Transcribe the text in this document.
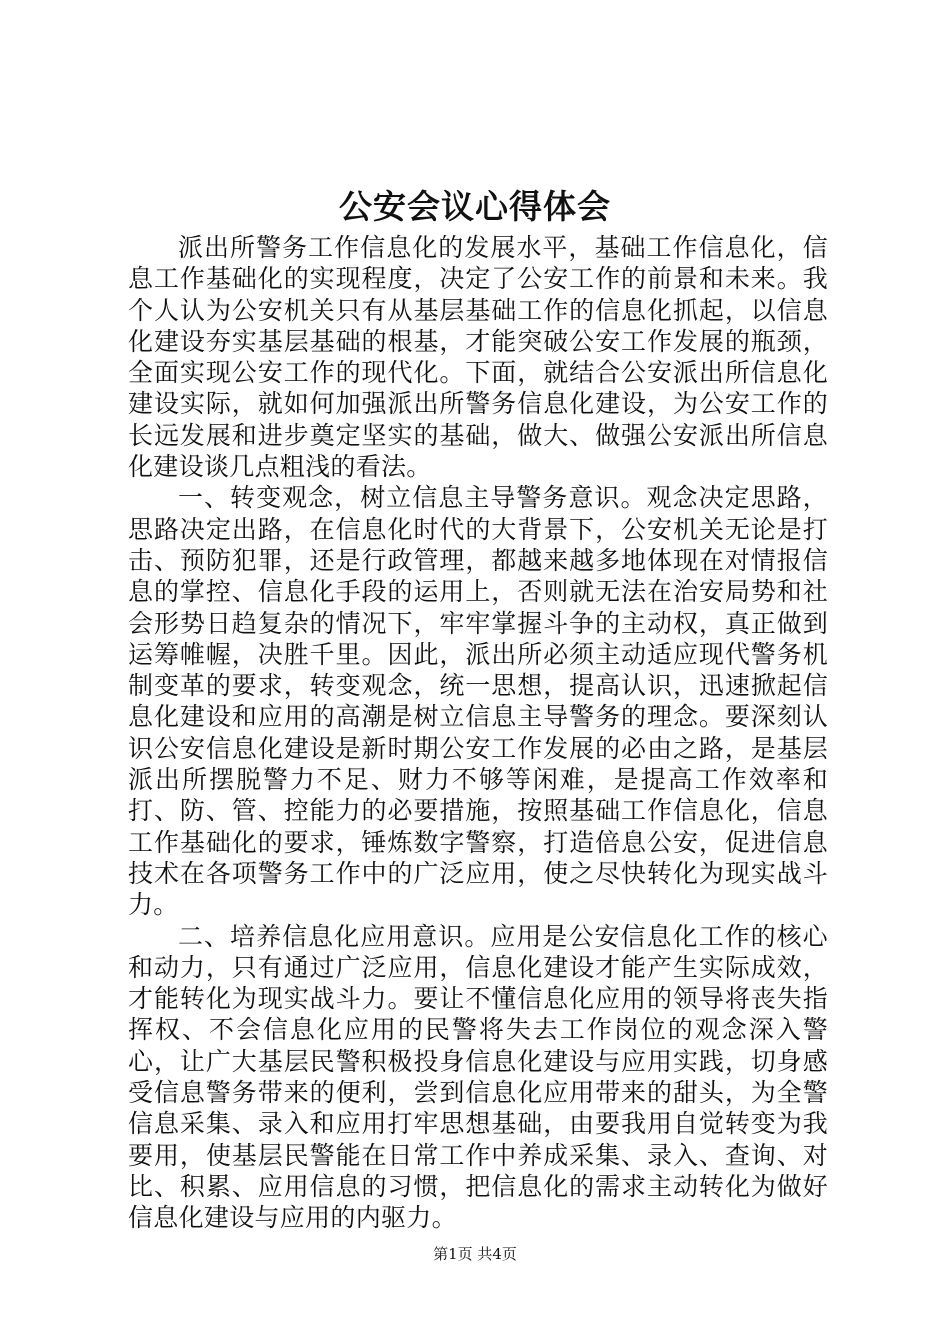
公安会议心得体会

派出所警务工作信息化的发展水平，基础工作信息化，信息工作基础化的实现程度，决定了公安工作的前景和未来。我个人认为公安机关只有从基层基础工作的信息化抓起，以信息化建设夯实基层基础的根基，才能突破公安工作发展的瓶颈，全面实现公安工作的现代化。下面，就结合公安派出所信息化建设实际，就如何加强派出所警务信息化建设，为公安工作的长远发展和进步奠定坚实的基础，做大、做强公安派出所信息化建设谈几点粗浅的看法。

一、转变观念，树立信息主导警务意识。观念决定思路，思路决定出路，在信息化时代的大背景下，公安机关无论是打击、预防犯罪，还是行政管理，都越来越多地体现在对情报信息的掌控、信息化手段的运用上，否则就无法在治安局势和社会形势日趋复杂的情况下，牢牢掌握斗争的主动权，真正做到运筹帷幄，决胜千里。因此，派出所必须主动适应现代警务机制变革的要求，转变观念，统一思想，提高认识，迅速掀起信息化建设和应用的高潮是树立信息主导警务的理念。要深刻认识公安信息化建设是新时期公安工作发展的必由之路，是基层派出所摆脱警力不足、财力不够等闲难，是提高工作效率和打、防、管、控能力的必要措施，按照基础工作信息化，信息工作基础化的要求，锤炼数字警察，打造倍息公安，促进信息技术在各项警务工作中的广泛应用，使之尽快转化为现实战斗力。

二、培养信息化应用意识。应用是公安信息化工作的核心和动力，只有通过广泛应用，信息化建设才能产生实际成效，才能转化为现实战斗力。要让不懂信息化应用的领导将丧失指挥权、不会信息化应用的民警将失去工作岗位的观念深入警心，让广大基层民警积极投身信息化建设与应用实践，切身感受信息警务带来的便利，尝到信息化应用带来的甜头，为全警信息采集、录入和应用打牢思想基础，由要我用自觉转变为我要用，使基层民警能在日常工作中养成采集、录入、查询、对比、积累、应用信息的习惯，把信息化的需求主动转化为做好信息化建设与应用的内驱力。

第1页 共4页
